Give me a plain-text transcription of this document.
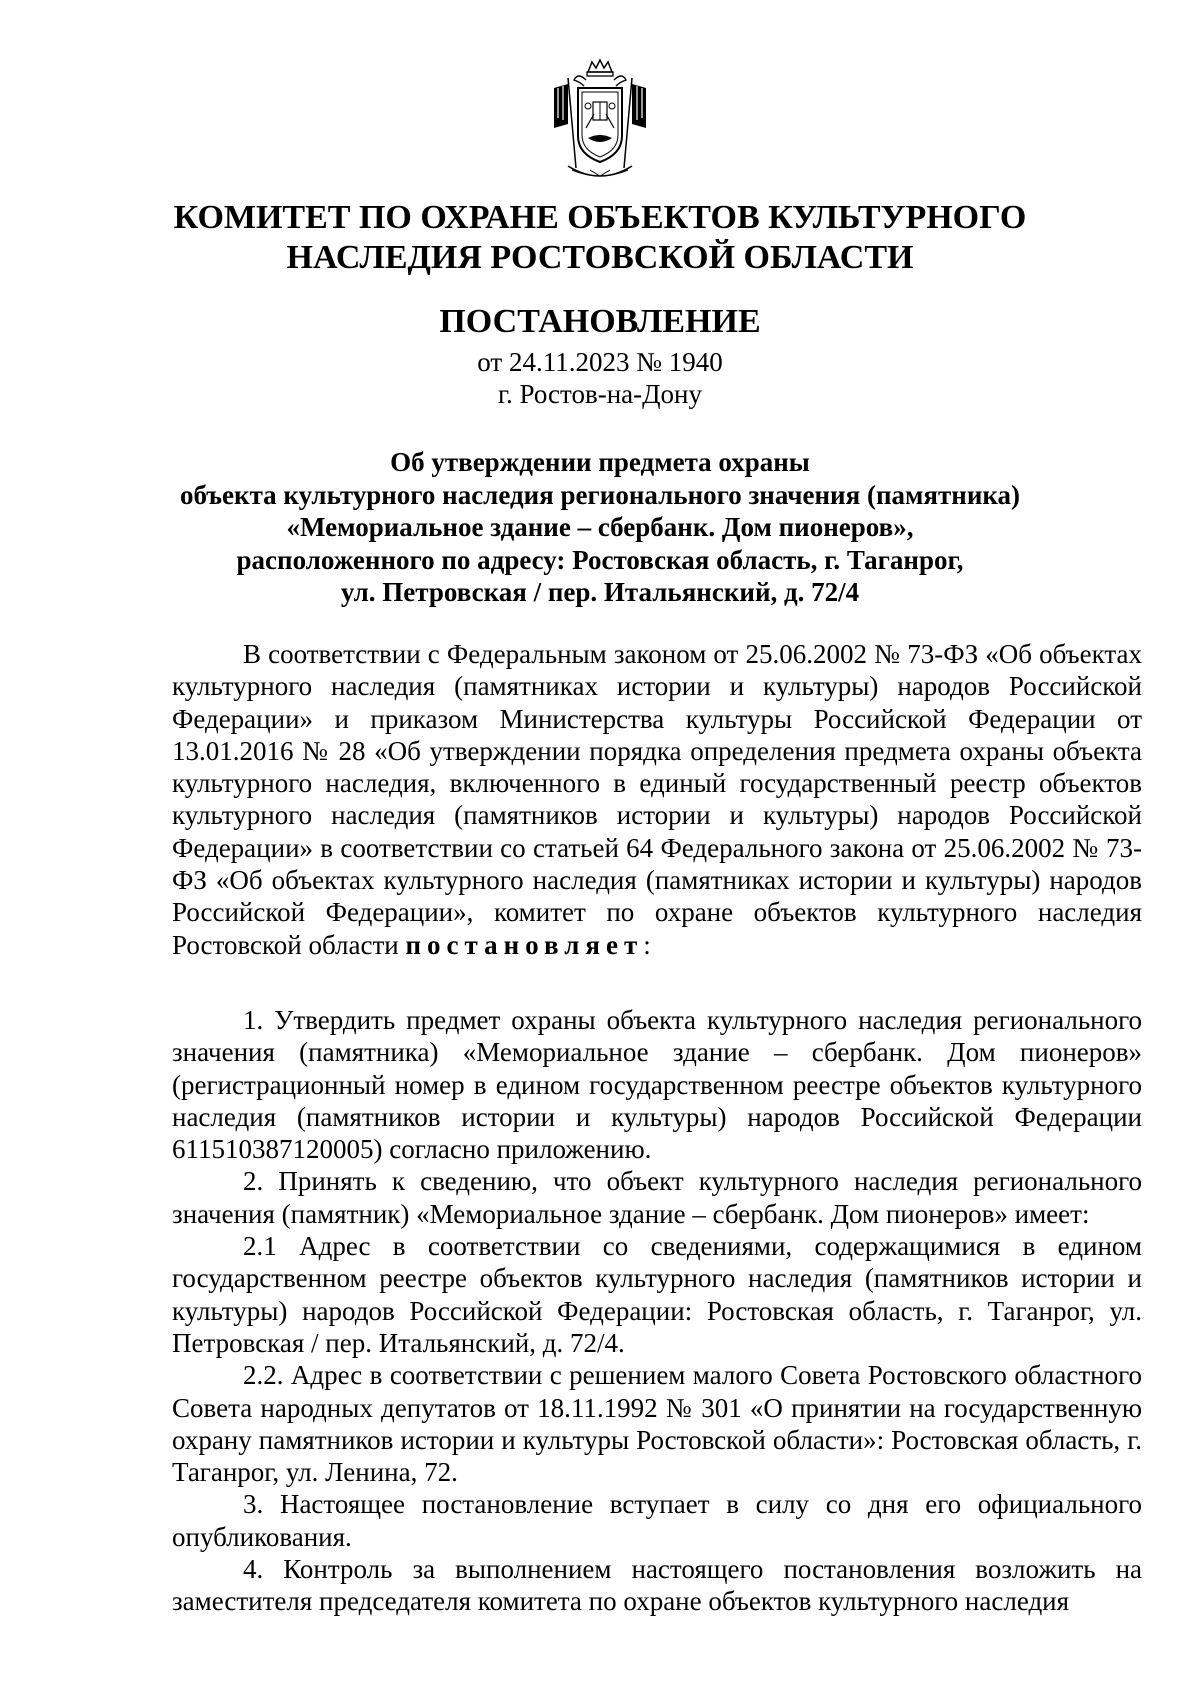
КОМИТЕТ ПО ОХРАНЕ ОБЪЕКТОВ КУЛЬТУРНОГО
НАСЛЕДИЯ РОСТОВСКОЙ ОБЛАСТИ
ПОСТАНОВЛЕНИЕ
от 24.11.2023 № 1940
г. Ростов-на-Дону
Об утверждении предмета охраны
объекта культурного наследия регионального значения (памятника)
«Мемориальное здание – сбербанк. Дом пионеров»,
расположенного по адресу: Ростовская область, г. Таганрог,
ул. Петровская / пер. Итальянский, д. 72/4

В соответствии с Федеральным законом от 25.06.2002 № 73-ФЗ «Об объектах культурного наследия (памятниках истории и культуры) народов Российской Федерации» и приказом Министерства культуры Российской Федерации от 13.01.2016 № 28 «Об утверждении порядка определения предмета охраны объекта культурного наследия, включенного в единый государственный реестр объектов культурного наследия (памятников истории и культуры) народов Российской Федерации» в соответствии со статьей 64 Федерального закона от 25.06.2002 № 73-ФЗ «Об объектах культурного наследия (памятниках истории и культуры) народов Российской Федерации», комитет по охране объектов культурного наследия Ростовской области постановляет:

1. Утвердить предмет охраны объекта культурного наследия регионального значения (памятника) «Мемориальное здание – сбербанк. Дом пионеров» (регистрационный номер в едином государственном реестре объектов культурного наследия (памятников истории и культуры) народов Российской Федерации 611510387120005) согласно приложению.

2. Принять к сведению, что объект культурного наследия регионального значения (памятник) «Мемориальное здание – сбербанк. Дом пионеров» имеет:

2.1 Адрес в соответствии со сведениями, содержащимися в едином государственном реестре объектов культурного наследия (памятников истории и культуры) народов Российской Федерации: Ростовская область, г. Таганрог, ул. Петровская / пер. Итальянский, д. 72/4.

2.2. Адрес в соответствии с решением малого Совета Ростовского областного Совета народных депутатов от 18.11.1992 № 301 «О принятии на государственную охрану памятников истории и культуры Ростовской области»: Ростовская область, г. Таганрог, ул. Ленина, 72.

3. Настоящее постановление вступает в силу со дня его официального опубликования.

4. Контроль за выполнением настоящего постановления возложить на заместителя председателя комитета по охране объектов культурного наследия
